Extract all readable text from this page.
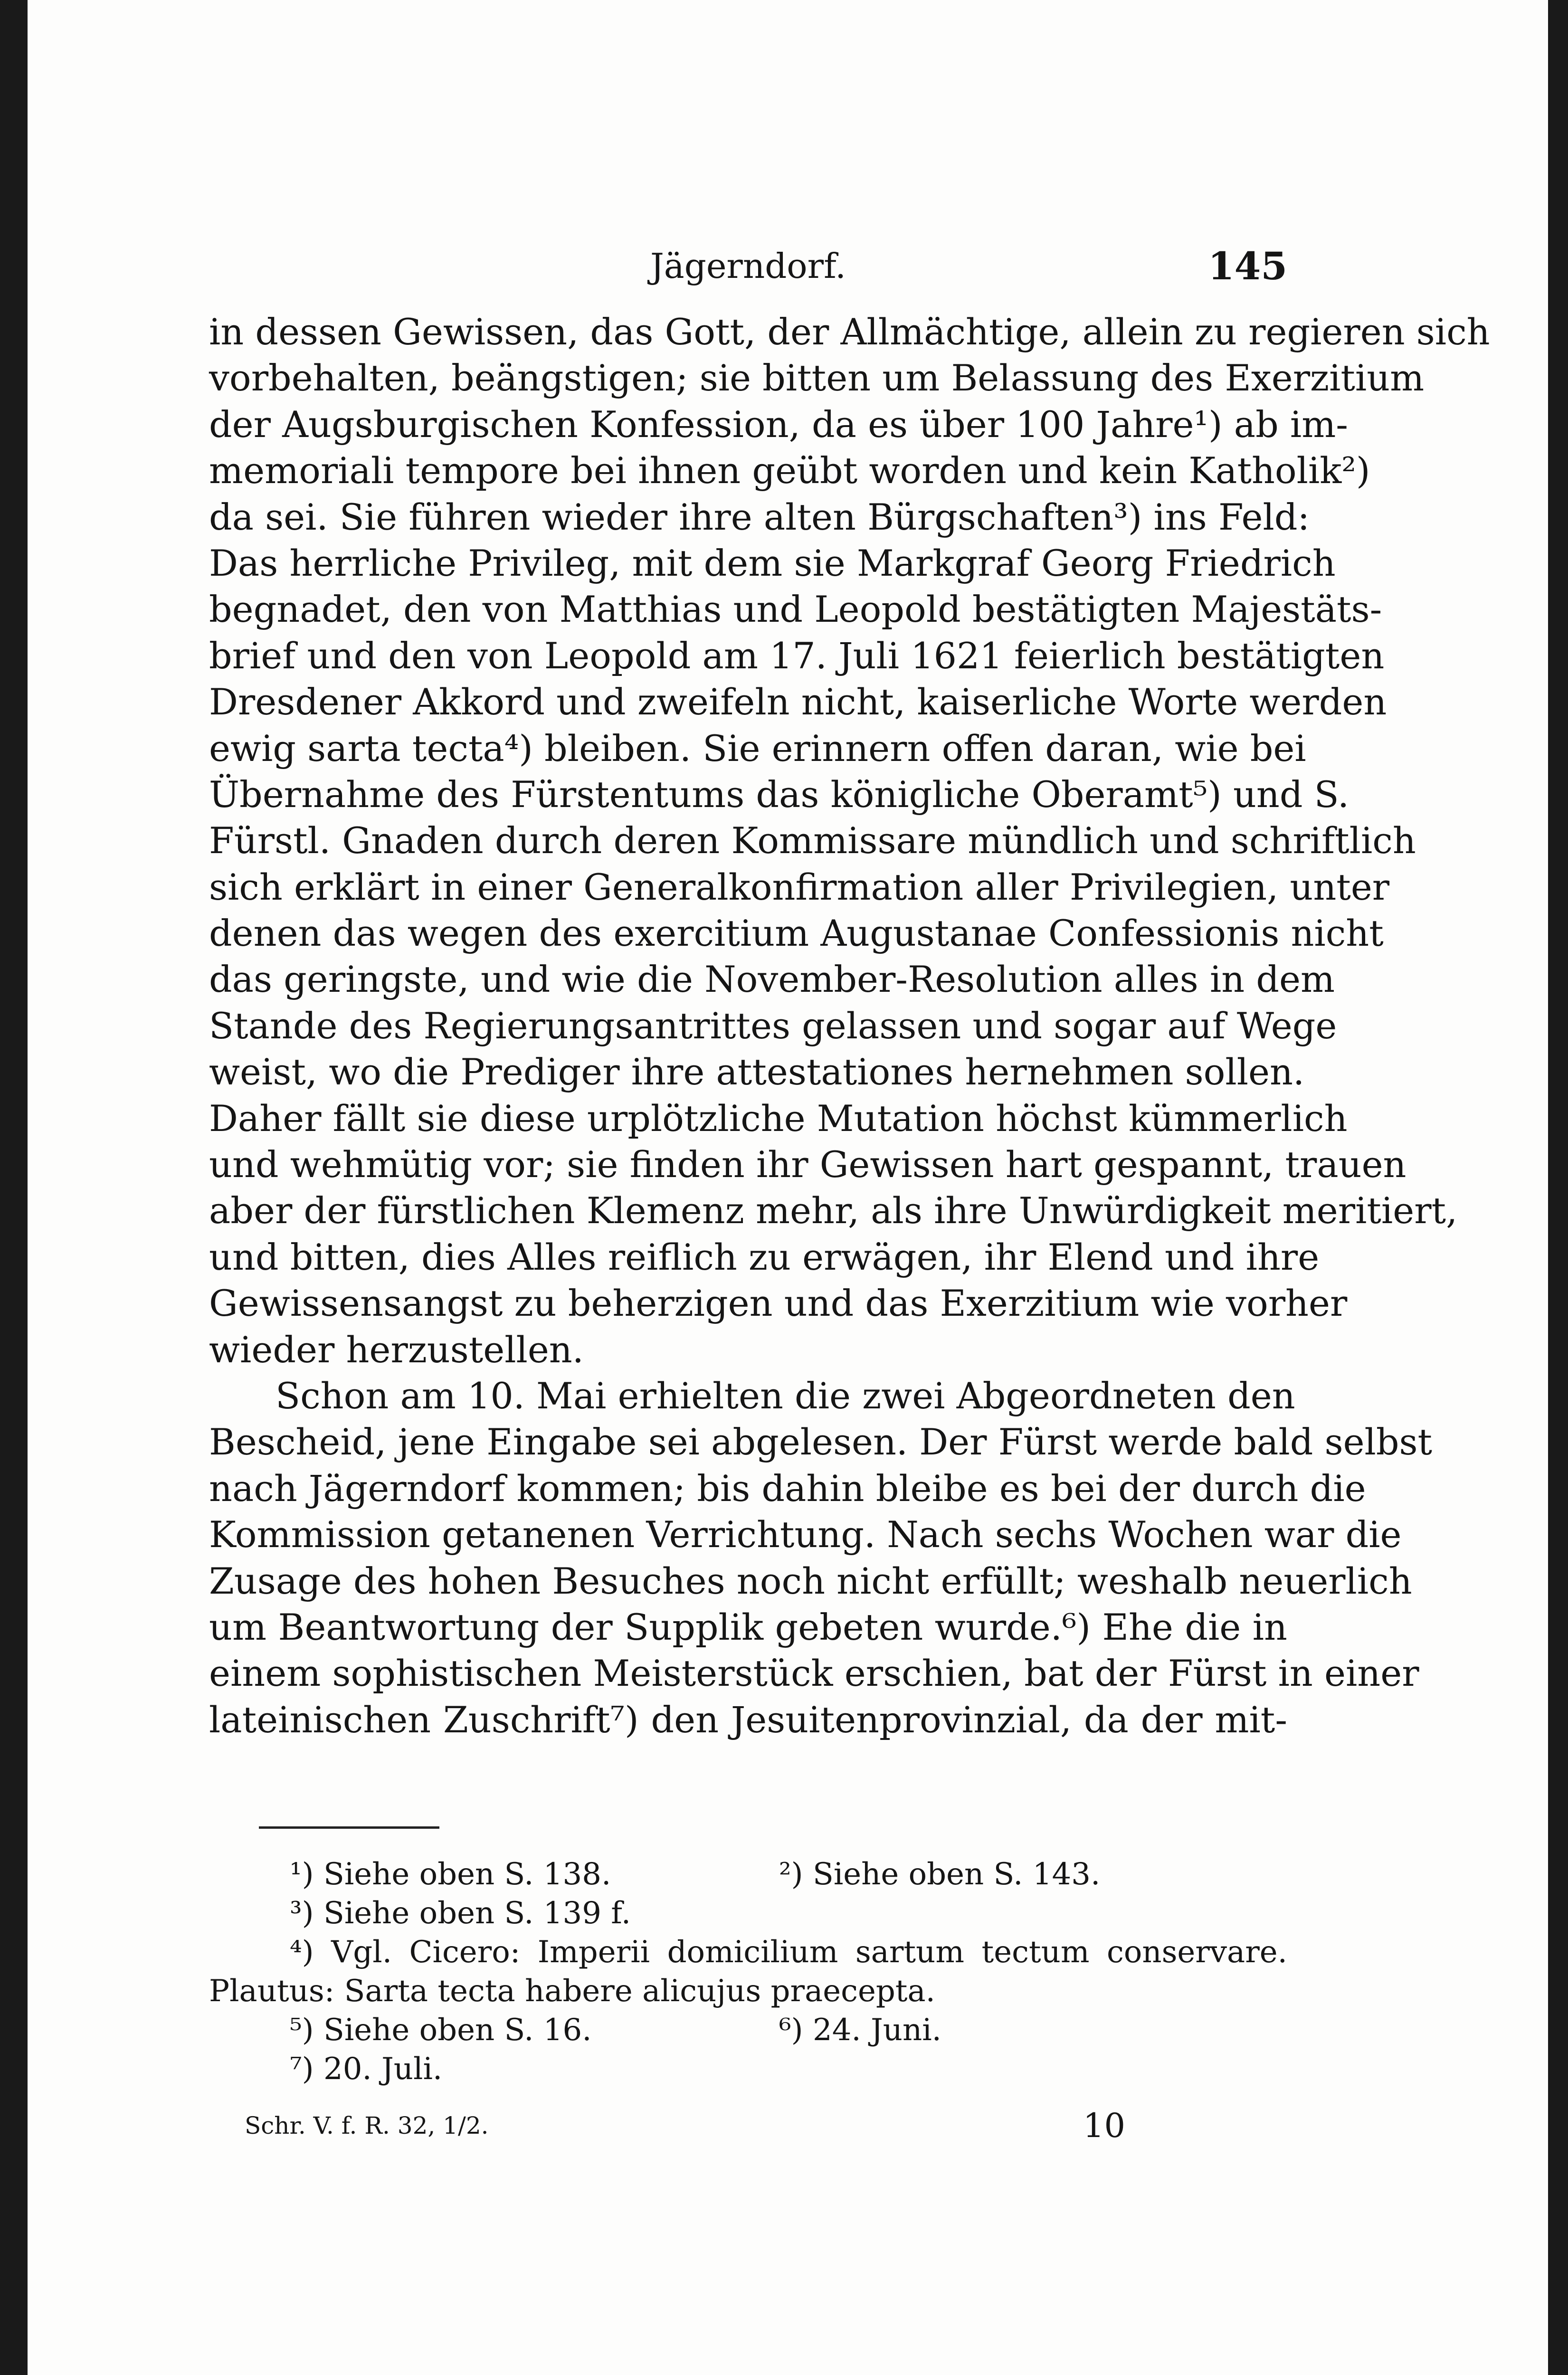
Jägerndorf.	145
in dessen Gewissen, das Gott, der Allmächtige, allein zu regieren sich
vorbehalten, beängstigen; sie bitten um Belassung des Exerzitium
der Augsburgischen Konfession, da es über 100 Jahre¹) ab im-
memoriali tempore bei ihnen geübt worden und kein Katholik²)
da sei. Sie führen wieder ihre alten Bürgschaften³) ins Feld:
Das herrliche Privileg, mit dem sie Markgraf Georg Friedrich
begnadet, den von Matthias und Leopold bestätigten Majestäts-
brief und den von Leopold am 17. Juli 1621 feierlich bestätigten
Dresdener Akkord und zweifeln nicht, kaiserliche Worte werden
ewig sarta tecta⁴) bleiben. Sie erinnern offen daran, wie bei
Übernahme des Fürstentums das königliche Oberamt⁵) und S.
Fürstl. Gnaden durch deren Kommissare mündlich und schriftlich
sich erklärt in einer Generalkonfirmation aller Privilegien, unter
denen das wegen des exercitium Augustanae Confessionis nicht
das geringste, und wie die November-Resolution alles in dem
Stande des Regierungsantrittes gelassen und sogar auf Wege
weist, wo die Prediger ihre attestationes hernehmen sollen.
Daher fällt sie diese urplötzliche Mutation höchst kümmerlich
und wehmütig vor; sie finden ihr Gewissen hart gespannt, trauen
aber der fürstlichen Klemenz mehr, als ihre Unwürdigkeit meritiert,
und bitten, dies Alles reiflich zu erwägen, ihr Elend und ihre
Gewissensangst zu beherzigen und das Exerzitium wie vorher
wieder herzustellen.
Schon am 10. Mai erhielten die zwei Abgeordneten den
Bescheid, jene Eingabe sei abgelesen. Der Fürst werde bald selbst
nach Jägerndorf kommen; bis dahin bleibe es bei der durch die
Kommission getanenen Verrichtung. Nach sechs Wochen war die
Zusage des hohen Besuches noch nicht erfüllt; weshalb neuerlich
um Beantwortung der Supplik gebeten wurde.⁶) Ehe die in
einem sophistischen Meisterstück erschien, bat der Fürst in einer
lateinischen Zuschrift⁷) den Jesuitenprovinzial, da der mit-
¹) Siehe oben S. 138.	²) Siehe oben S. 143.
³) Siehe oben S. 139 f.
⁴) Vgl. Cicero: Imperii domicilium sartum tectum conservare.
Plautus: Sarta tecta habere alicujus praecepta.
⁵) Siehe oben S. 16.	⁶) 24. Juni.
⁷) 20. Juli.
Schr. V. f. R. 32, 1/2.	10
